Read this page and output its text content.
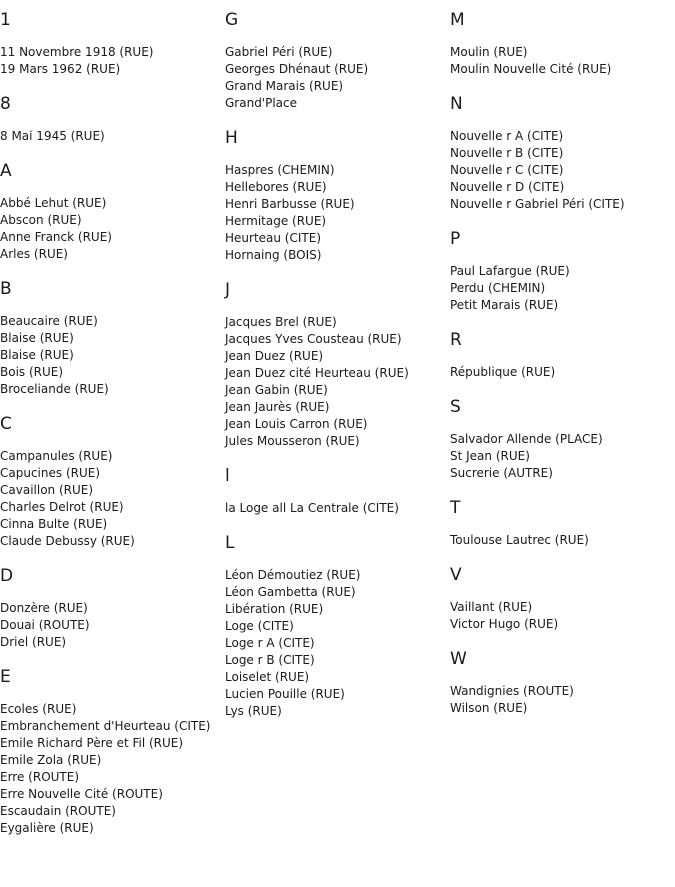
1
11 Novembre 1918 (RUE)
19 Mars 1962 (RUE)
8
8 Mai 1945 (RUE)
A
Abbé Lehut (RUE)
Abscon (RUE)
Anne Franck (RUE)
Arles (RUE)
B
Beaucaire (RUE)
Blaise (RUE)
Blaise (RUE)
Bois (RUE)
Broceliande (RUE)
C
Campanules (RUE)
Capucines (RUE)
Cavaillon (RUE)
Charles Delrot (RUE)
Cinna Bulte (RUE)
Claude Debussy (RUE)
D
Donzère (RUE)
Douai (ROUTE)
Driel (RUE)
E
Ecoles (RUE)
Embranchement d'Heurteau (CITE)
Emile Richard Père et Fil (RUE)
Emile Zola (RUE)
Erre (ROUTE)
Erre Nouvelle Cité (ROUTE)
Escaudain (ROUTE)
Eygalière (RUE)
G
Gabriel Péri (RUE)
Georges Dhénaut (RUE)
Grand Marais (RUE)
Grand'Place
H
Haspres (CHEMIN)
Hellebores (RUE)
Henri Barbusse (RUE)
Hermitage (RUE)
Heurteau (CITE)
Hornaing (BOIS)
J
Jacques Brel (RUE)
Jacques Yves Cousteau (RUE)
Jean Duez (RUE)
Jean Duez cité Heurteau (RUE)
Jean Gabin (RUE)
Jean Jaurès (RUE)
Jean Louis Carron (RUE)
Jules Mousseron (RUE)
l
la Loge all La Centrale (CITE)
L
Léon Démoutiez (RUE)
Léon Gambetta (RUE)
Libération (RUE)
Loge (CITE)
Loge r A (CITE)
Loge r B (CITE)
Loiselet (RUE)
Lucien Pouille (RUE)
Lys (RUE)
M
Moulin (RUE)
Moulin Nouvelle Cité (RUE)
N
Nouvelle r A (CITE)
Nouvelle r B (CITE)
Nouvelle r C (CITE)
Nouvelle r D (CITE)
Nouvelle r Gabriel Péri (CITE)
P
Paul Lafargue (RUE)
Perdu (CHEMIN)
Petit Marais (RUE)
R
République (RUE)
S
Salvador Allende (PLACE)
St Jean (RUE)
Sucrerie (AUTRE)
T
Toulouse Lautrec (RUE)
V
Vaillant (RUE)
Victor Hugo (RUE)
W
Wandignies (ROUTE)
Wilson (RUE)
